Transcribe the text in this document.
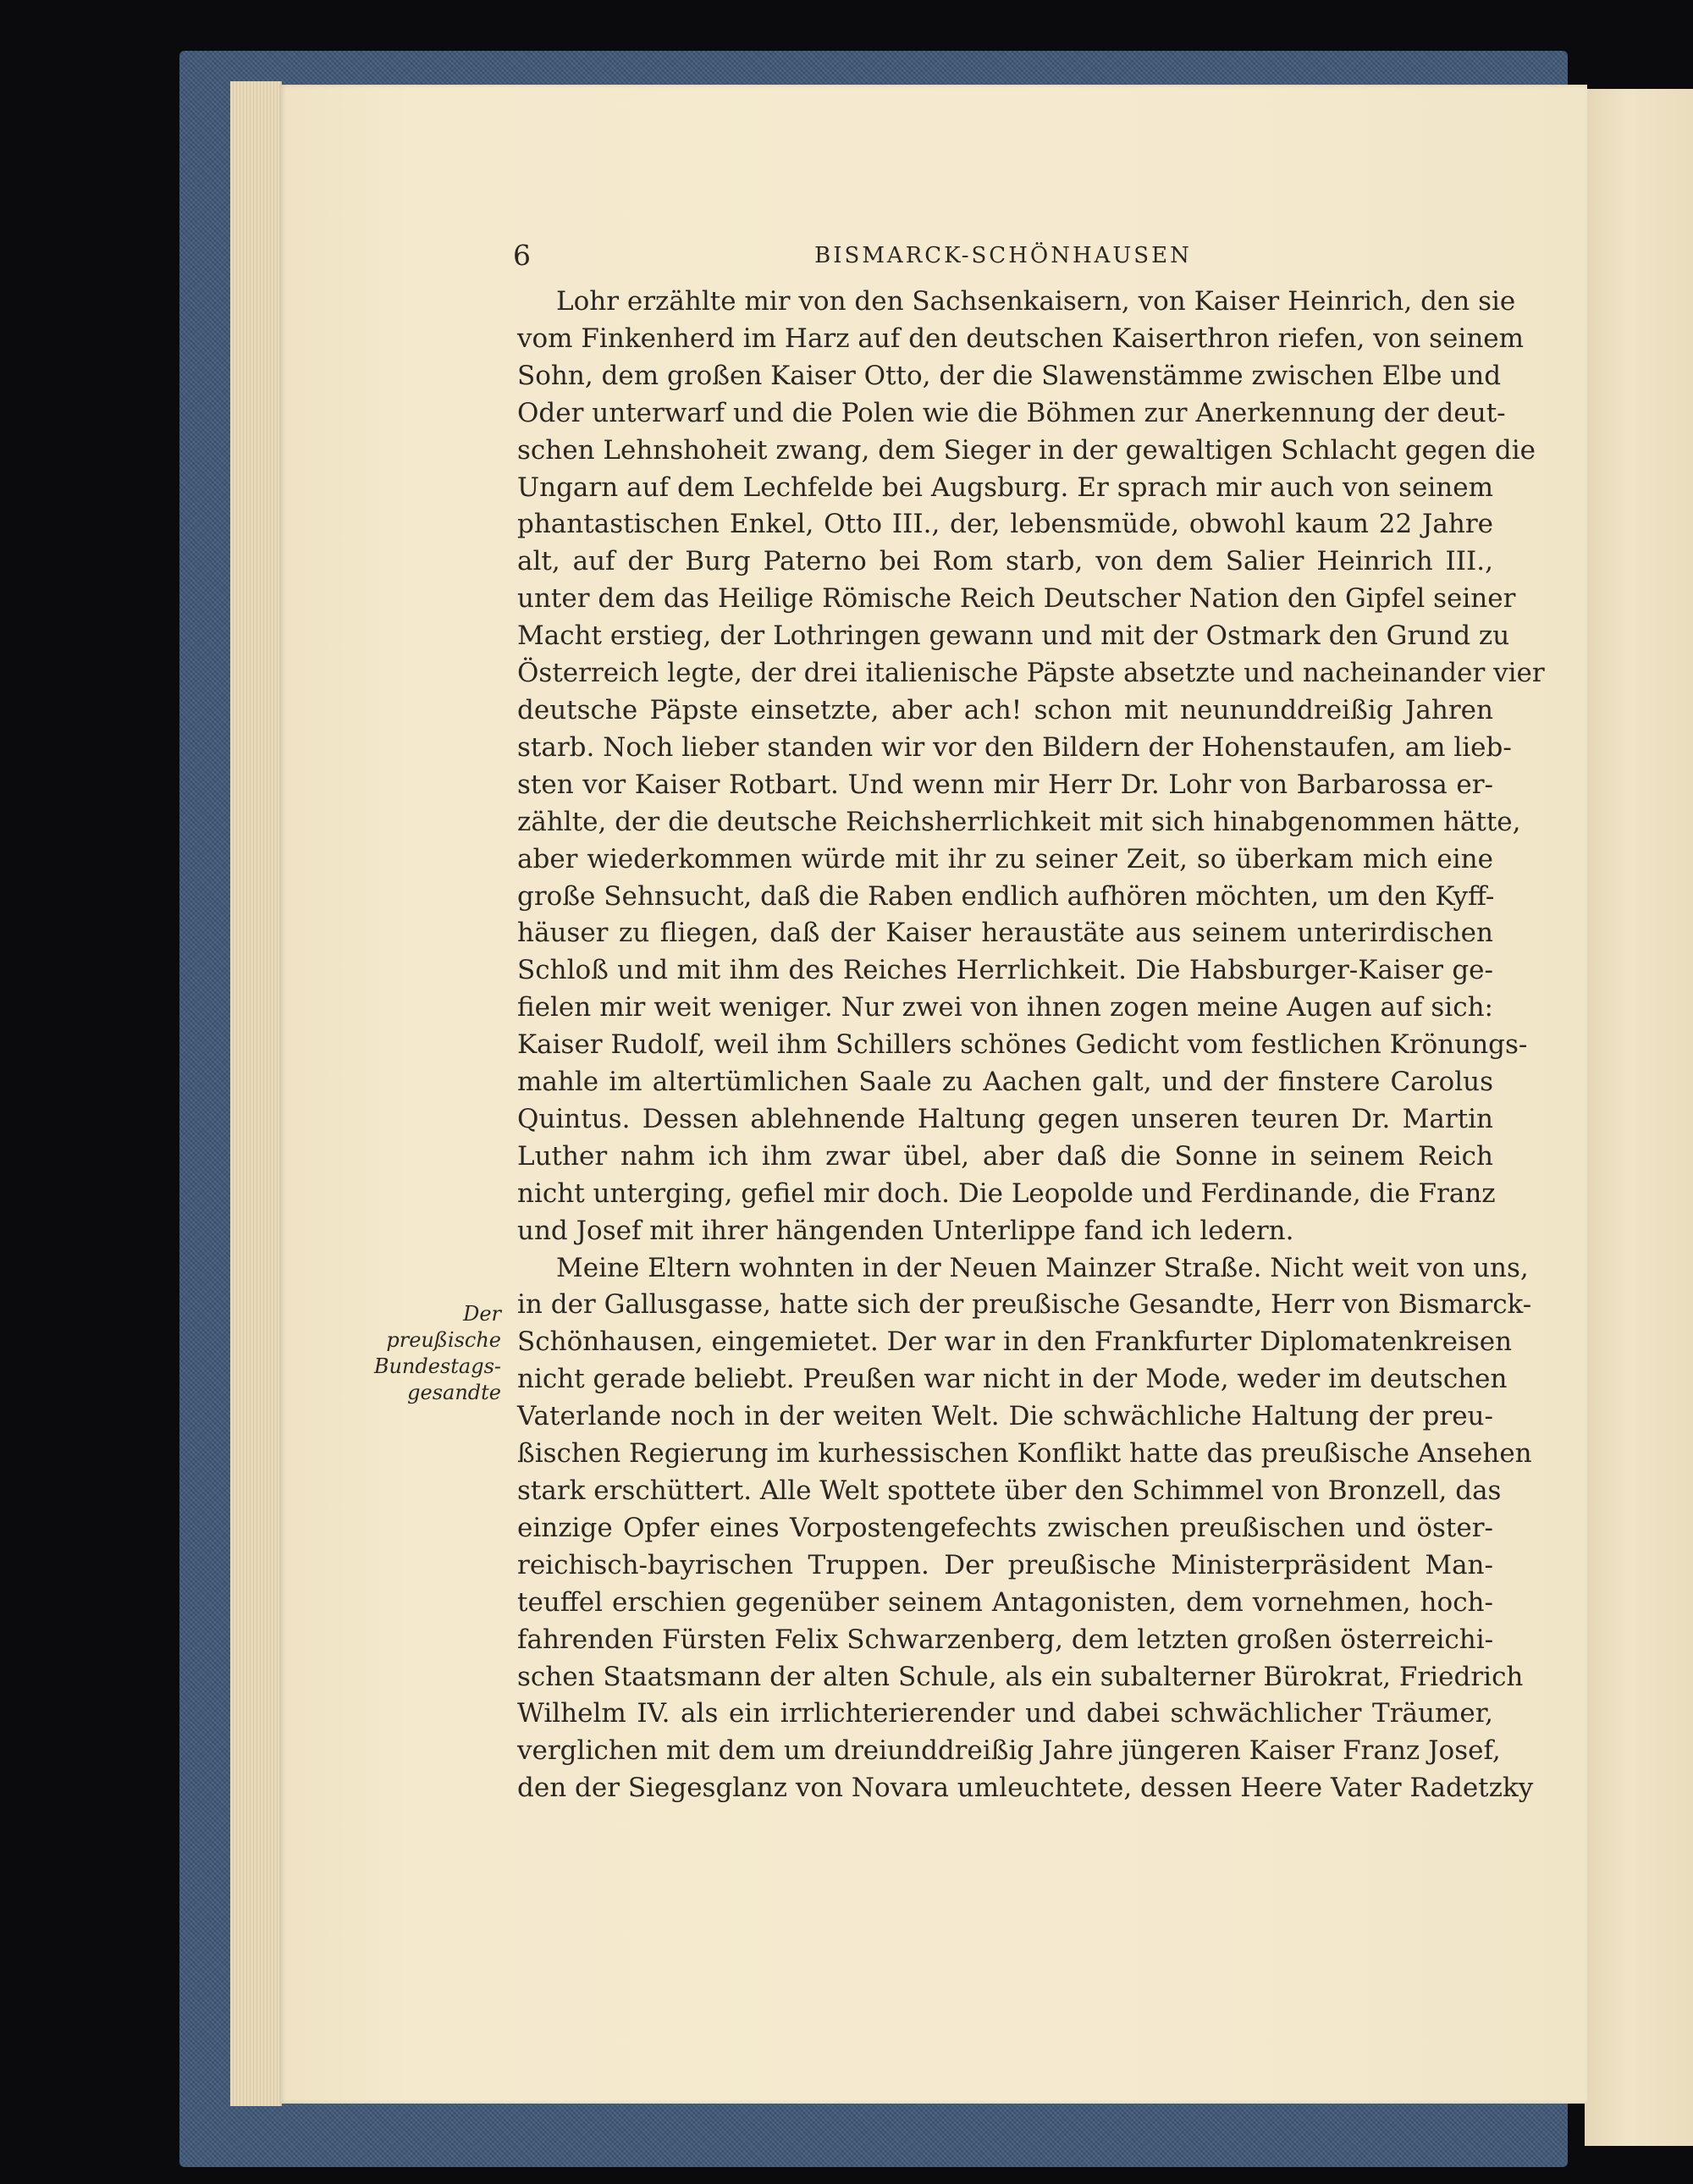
6	BISMARCK-SCHÖNHAUSEN

Der
preußische
Bundestags-
gesandte

Lohr erzählte mir von den Sachsenkaisern, von Kaiser Heinrich, den sie
vom Finkenherd im Harz auf den deutschen Kaiserthron riefen, von seinem
Sohn, dem großen Kaiser Otto, der die Slawenstämme zwischen Elbe und
Oder unterwarf und die Polen wie die Böhmen zur Anerkennung der deut-
schen Lehnshoheit zwang, dem Sieger in der gewaltigen Schlacht gegen die
Ungarn auf dem Lechfelde bei Augsburg. Er sprach mir auch von seinem
phantastischen Enkel, Otto III., der, lebensmüde, obwohl kaum 22 Jahre
alt, auf der Burg Paterno bei Rom starb, von dem Salier Heinrich III.,
unter dem das Heilige Römische Reich Deutscher Nation den Gipfel seiner
Macht erstieg, der Lothringen gewann und mit der Ostmark den Grund zu
Österreich legte, der drei italienische Päpste absetzte und nacheinander vier
deutsche Päpste einsetzte, aber ach! schon mit neununddreißig Jahren
starb. Noch lieber standen wir vor den Bildern der Hohenstaufen, am lieb-
sten vor Kaiser Rotbart. Und wenn mir Herr Dr. Lohr von Barbarossa er-
zählte, der die deutsche Reichsherrlichkeit mit sich hinabgenommen hätte,
aber wiederkommen würde mit ihr zu seiner Zeit, so überkam mich eine
große Sehnsucht, daß die Raben endlich aufhören möchten, um den Kyff-
häuser zu fliegen, daß der Kaiser heraustäte aus seinem unterirdischen
Schloß und mit ihm des Reiches Herrlichkeit. Die Habsburger-Kaiser ge-
fielen mir weit weniger. Nur zwei von ihnen zogen meine Augen auf sich:
Kaiser Rudolf, weil ihm Schillers schönes Gedicht vom festlichen Krönungs-
mahle im altertümlichen Saale zu Aachen galt, und der finstere Carolus
Quintus. Dessen ablehnende Haltung gegen unseren teuren Dr. Martin
Luther nahm ich ihm zwar übel, aber daß die Sonne in seinem Reich
nicht unterging, gefiel mir doch. Die Leopolde und Ferdinande, die Franz
und Josef mit ihrer hängenden Unterlippe fand ich ledern.

Meine Eltern wohnten in der Neuen Mainzer Straße. Nicht weit von uns,
in der Gallusgasse, hatte sich der preußische Gesandte, Herr von Bismarck-
Schönhausen, eingemietet. Der war in den Frankfurter Diplomatenkreisen
nicht gerade beliebt. Preußen war nicht in der Mode, weder im deutschen
Vaterlande noch in der weiten Welt. Die schwächliche Haltung der preu-
ßischen Regierung im kurhessischen Konflikt hatte das preußische Ansehen
stark erschüttert. Alle Welt spottete über den Schimmel von Bronzell, das
einzige Opfer eines Vorpostengefechts zwischen preußischen und öster-
reichisch-bayrischen Truppen. Der preußische Ministerpräsident Man-
teuffel erschien gegenüber seinem Antagonisten, dem vornehmen, hoch-
fahrenden Fürsten Felix Schwarzenberg, dem letzten großen österreichi-
schen Staatsmann der alten Schule, als ein subalterner Bürokrat, Friedrich
Wilhelm IV. als ein irrlichterierender und dabei schwächlicher Träumer,
verglichen mit dem um dreiunddreißig Jahre jüngeren Kaiser Franz Josef,
den der Siegesglanz von Novara umleuchtete, dessen Heere Vater Radetzky
